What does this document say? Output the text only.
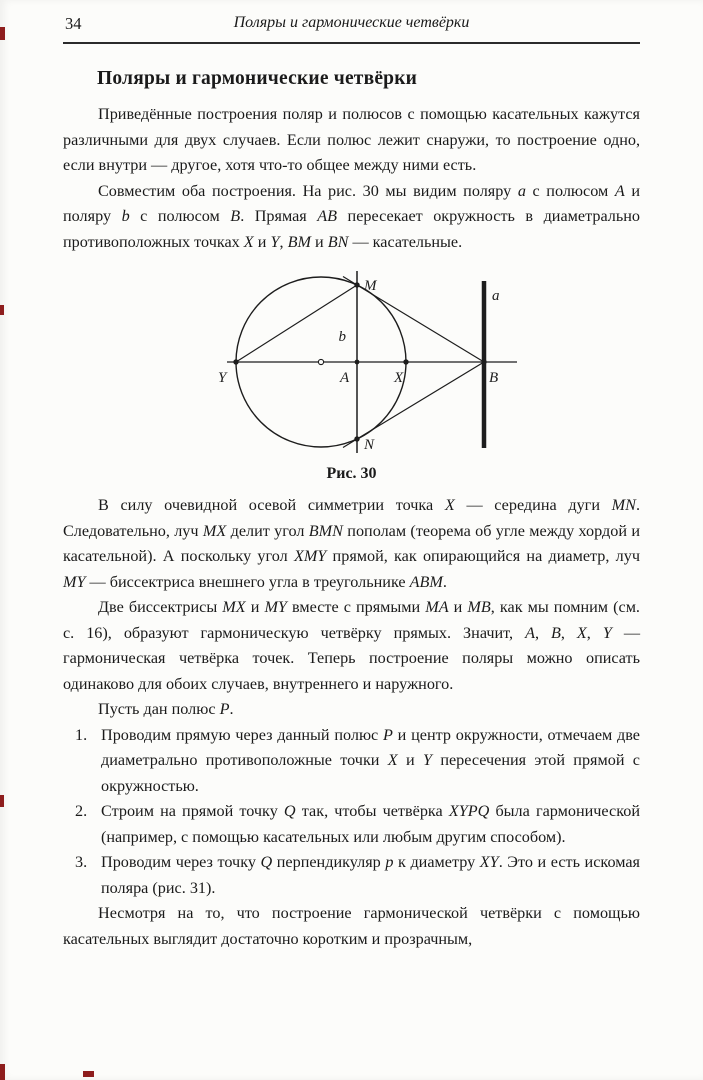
34	Поляры и гармонические четвёрки
Поляры и гармонические четвёрки

Приведённые построения поляр и полюсов с помощью касательных кажутся различными для двух случаев. Если полюс лежит снаружи, то построение одно, если внутри — другое, хотя что-то общее между ними есть.

Совместим оба построения. На рис. 30 мы видим поляру a с полюсом A и поляру b с полюсом B. Прямая AB пересекает окружность в диаметрально противоположных точках X и Y, BM и BN — касательные.

M
N
Y	A	X	B
a
b
Рис. 30

В силу очевидной осевой симметрии точка X — середина дуги MN. Следовательно, луч MX делит угол BMN пополам (теорема об угле между хордой и касательной). А поскольку угол XMY прямой, как опирающийся на диаметр, луч MY — биссектриса внешнего угла в треугольнике ABM.

Две биссектрисы MX и MY вместе с прямыми MA и MB, как мы помним (см. с. 16), образуют гармоническую четвёрку прямых. Значит, A, B, X, Y — гармоническая четвёрка точек. Теперь построение поляры можно описать одинаково для обоих случаев, внутреннего и наружного.

Пусть дан полюс P.

1. Проводим прямую через данный полюс P и центр окружности, отмечаем две диаметрально противоположные точки X и Y пересечения этой прямой с окружностью.
2. Строим на прямой точку Q так, чтобы четвёрка XYPQ была гармонической (например, с помощью касательных или любым другим способом).
3. Проводим через точку Q перпендикуляр p к диаметру XY. Это и есть искомая поляра (рис. 31).

Несмотря на то, что построение гармонической четвёрки с помощью касательных выглядит достаточно коротким и прозрачным,
